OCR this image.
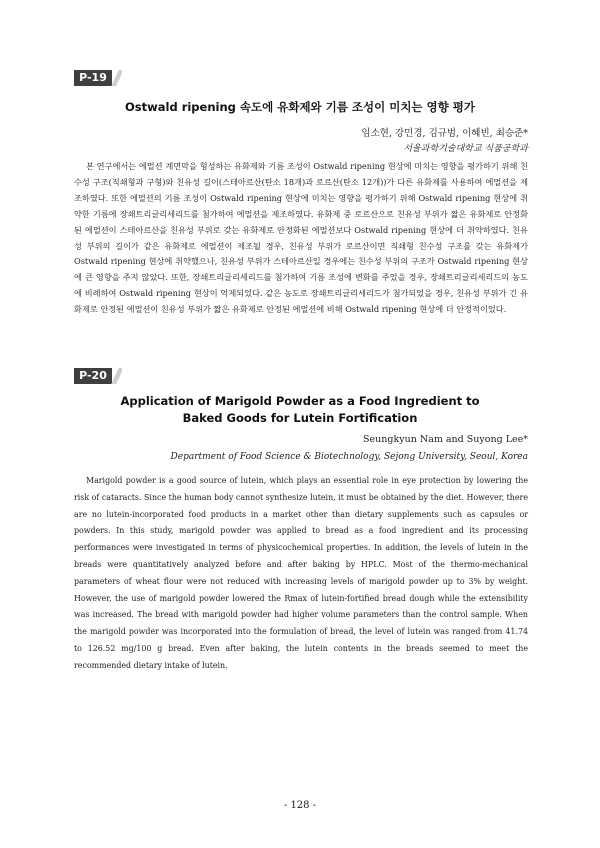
P-19
Ostwald ripening 속도에 유화제와 기름 조성이 미치는 영향 평가
임소현, 강민경, 김규범, 이혜빈, 최승준*
서울과학기술대학교 식품공학과
본 연구에서는 에멀션 계면막을 형성하는 유화제와 기름 조성이 Ostwald ripening 현상에 미치는 영향을 평가하기 위해 친수성 구조(직쇄형과 구형)와 친유성 길이(스테아르산(탄소 18개)과 로르산(탄소 12개))가 다른 유화제를 사용하여 에멀션을 제조하였다. 또한 에멀션의 기름 조성이 Ostwald ripening 현상에 미치는 영향을 평가하기 위해 Ostwald ripening 현상에 취약한 기름에 장쇄트리글리세리드를 첨가하여 에멀션을 제조하였다. 유화제 중 로르산으로 친유성 부위가 짧은 유화제로 안정화된 에멀션이 스테아르산을 친유성 부위로 갖는 유화제로 안정화된 에멀션보다 Ostwald ripening 현상에 더 취약하였다. 친유성 부위의 길이가 같은 유화제로 에멀션이 제조될 경우, 친유성 부위가 로르산이면 직쇄형 친수성 구조를 갖는 유화제가 Ostwald ripening 현상에 취약했으나, 친유성 부위가 스테아르산일 경우에는 친수성 부위의 구조가 Ostwald ripening 현상에 큰 영향을 주지 않았다. 또한, 장쇄트리글리세리드를 첨가하여 기름 조성에 변화를 주었을 경우, 장쇄트리글리세리드의 농도에 비례하여 Ostwald ripening 현상이 억제되었다. 같은 농도로 장쇄트리글리세리드가 첨가되었을 경우, 친유성 부위가 긴 유화제로 안정된 에멀션이 친유성 부위가 짧은 유화제로 안정된 에멀션에 비해 Ostwald ripening 현상에 더 안정적이었다.
P-20
Application of Marigold Powder as a Food Ingredient to
Baked Goods for Lutein Fortification
Seungkyun Nam and Suyong Lee*
Department of Food Science & Biotechnology, Sejong University, Seoul, Korea
Marigold powder is a good source of lutein, which plays an essential role in eye protection by lowering the risk of cataracts. Since the human body cannot synthesize lutein, it must be obtained by the diet. However, there are no lutein-incorporated food products in a market other than dietary supplements such as capsules or powders. In this study, marigold powder was applied to bread as a food ingredient and its processing performances were investigated in terms of physicochemical properties. In addition, the levels of lutein in the breads were quantitatively analyzed before and after baking by HPLC. Most of the thermo-mechanical parameters of wheat flour were not reduced with increasing levels of marigold powder up to 3% by weight. However, the use of marigold powder lowered the Rmax of lutein-fortified bread dough while the extensibility was increased. The bread with marigold powder had higher volume parameters than the control sample. When the marigold powder was incorporated into the formulation of bread, the level of lutein was ranged from 41.74 to 126.52 mg/100 g bread. Even after baking, the lutein contents in the breads seemed to meet the recommended dietary intake of lutein.
- 128 -
